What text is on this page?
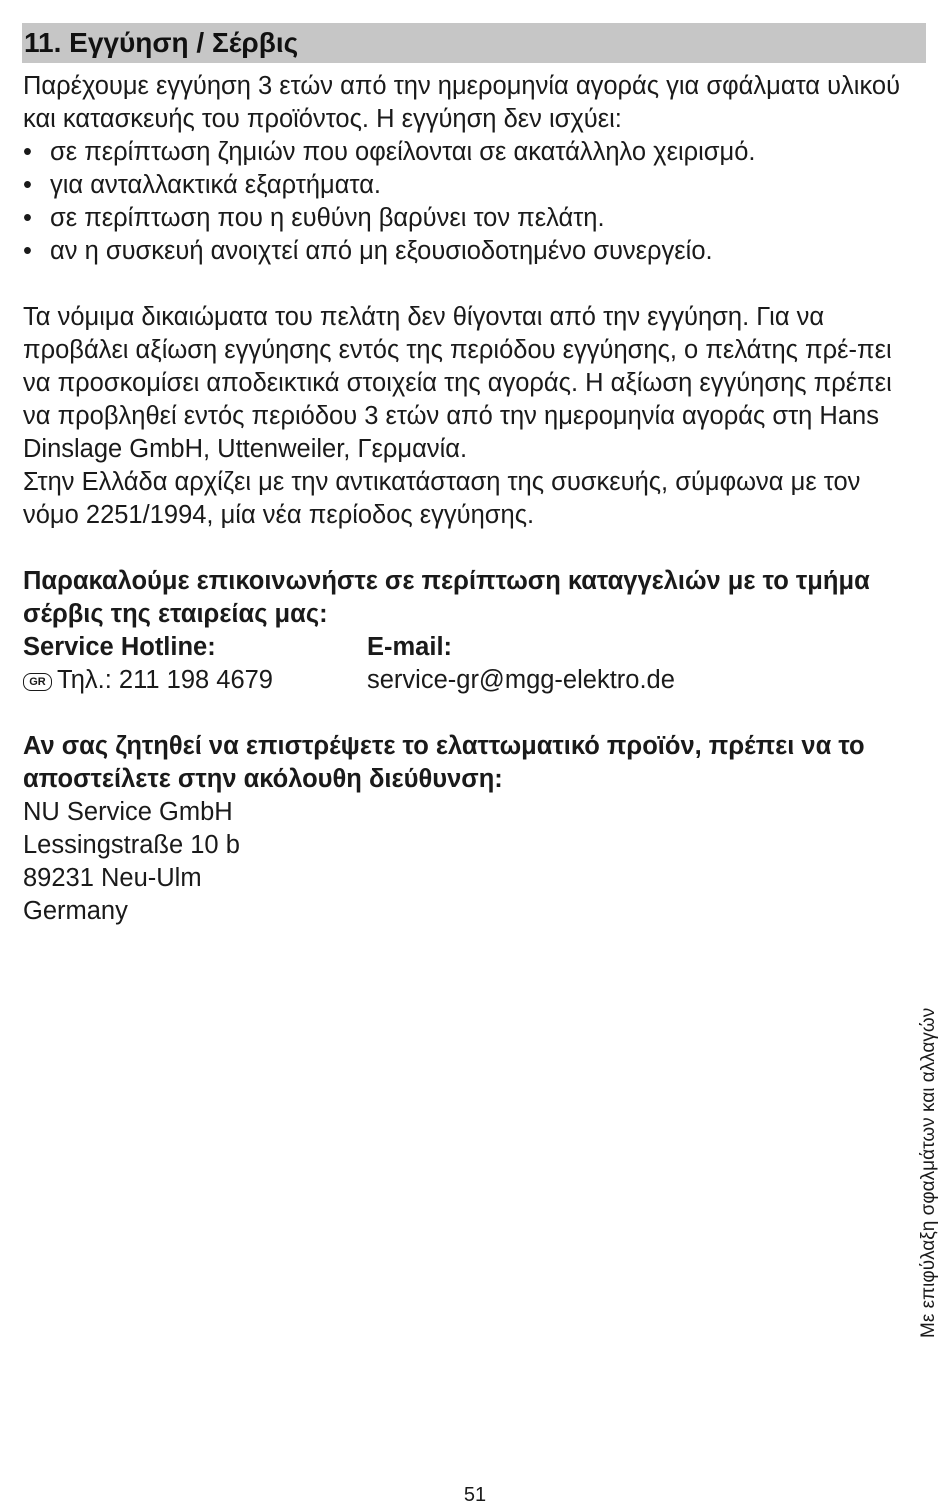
11. Εγγύηση / Σέρβις

Παρέχουμε εγγύηση 3 ετών από την ημερομηνία αγοράς για σφάλματα υλικού και κατασκευής του προϊόντος. Η εγγύηση δεν ισχύει:

• σε περίπτωση ζημιών που οφείλονται σε ακατάλληλο χειρισμό.
• για ανταλλακτικά εξαρτήματα.
• σε περίπτωση που η ευθύνη βαρύνει τον πελάτη.
• αν η συσκευή ανοιχτεί από μη εξουσιοδοτημένο συνεργείο.

Τα νόμιμα δικαιώματα του πελάτη δεν θίγονται από την εγγύηση. Για να προβάλει αξίωση εγγύησης εντός της περιόδου εγγύησης, ο πελάτης πρέ-πει να προσκομίσει αποδεικτικά στοιχεία της αγοράς. Η αξίωση εγγύησης πρέπει να προβληθεί εντός περιόδου 3 ετών από την ημερομηνία αγοράς στη Hans Dinslage GmbH, Uttenweiler, Γερμανία.

Στην Ελλάδα αρχίζει με την αντικατάσταση της συσκευής, σύμφωνα με τον νόμο 2251/1994, μία νέα περίοδος εγγύησης.

Παρακαλούμε επικοινωνήστε σε περίπτωση καταγγελιών με το τμήμα σέρβις της εταιρείας μας:

Service Hotline:	E-mail:
GR Τηλ.: 211 198 4679	service-gr@mgg-elektro.de

Αν σας ζητηθεί να επιστρέψετε το ελαττωματικό προϊόν, πρέπει να το αποστείλετε στην ακόλουθη διεύθυνση:

NU Service GmbH

Lessingstraße 10 b

89231 Neu-Ulm

Germany

Με επιφύλαξη σφαλμάτων και αλλαγών
51
